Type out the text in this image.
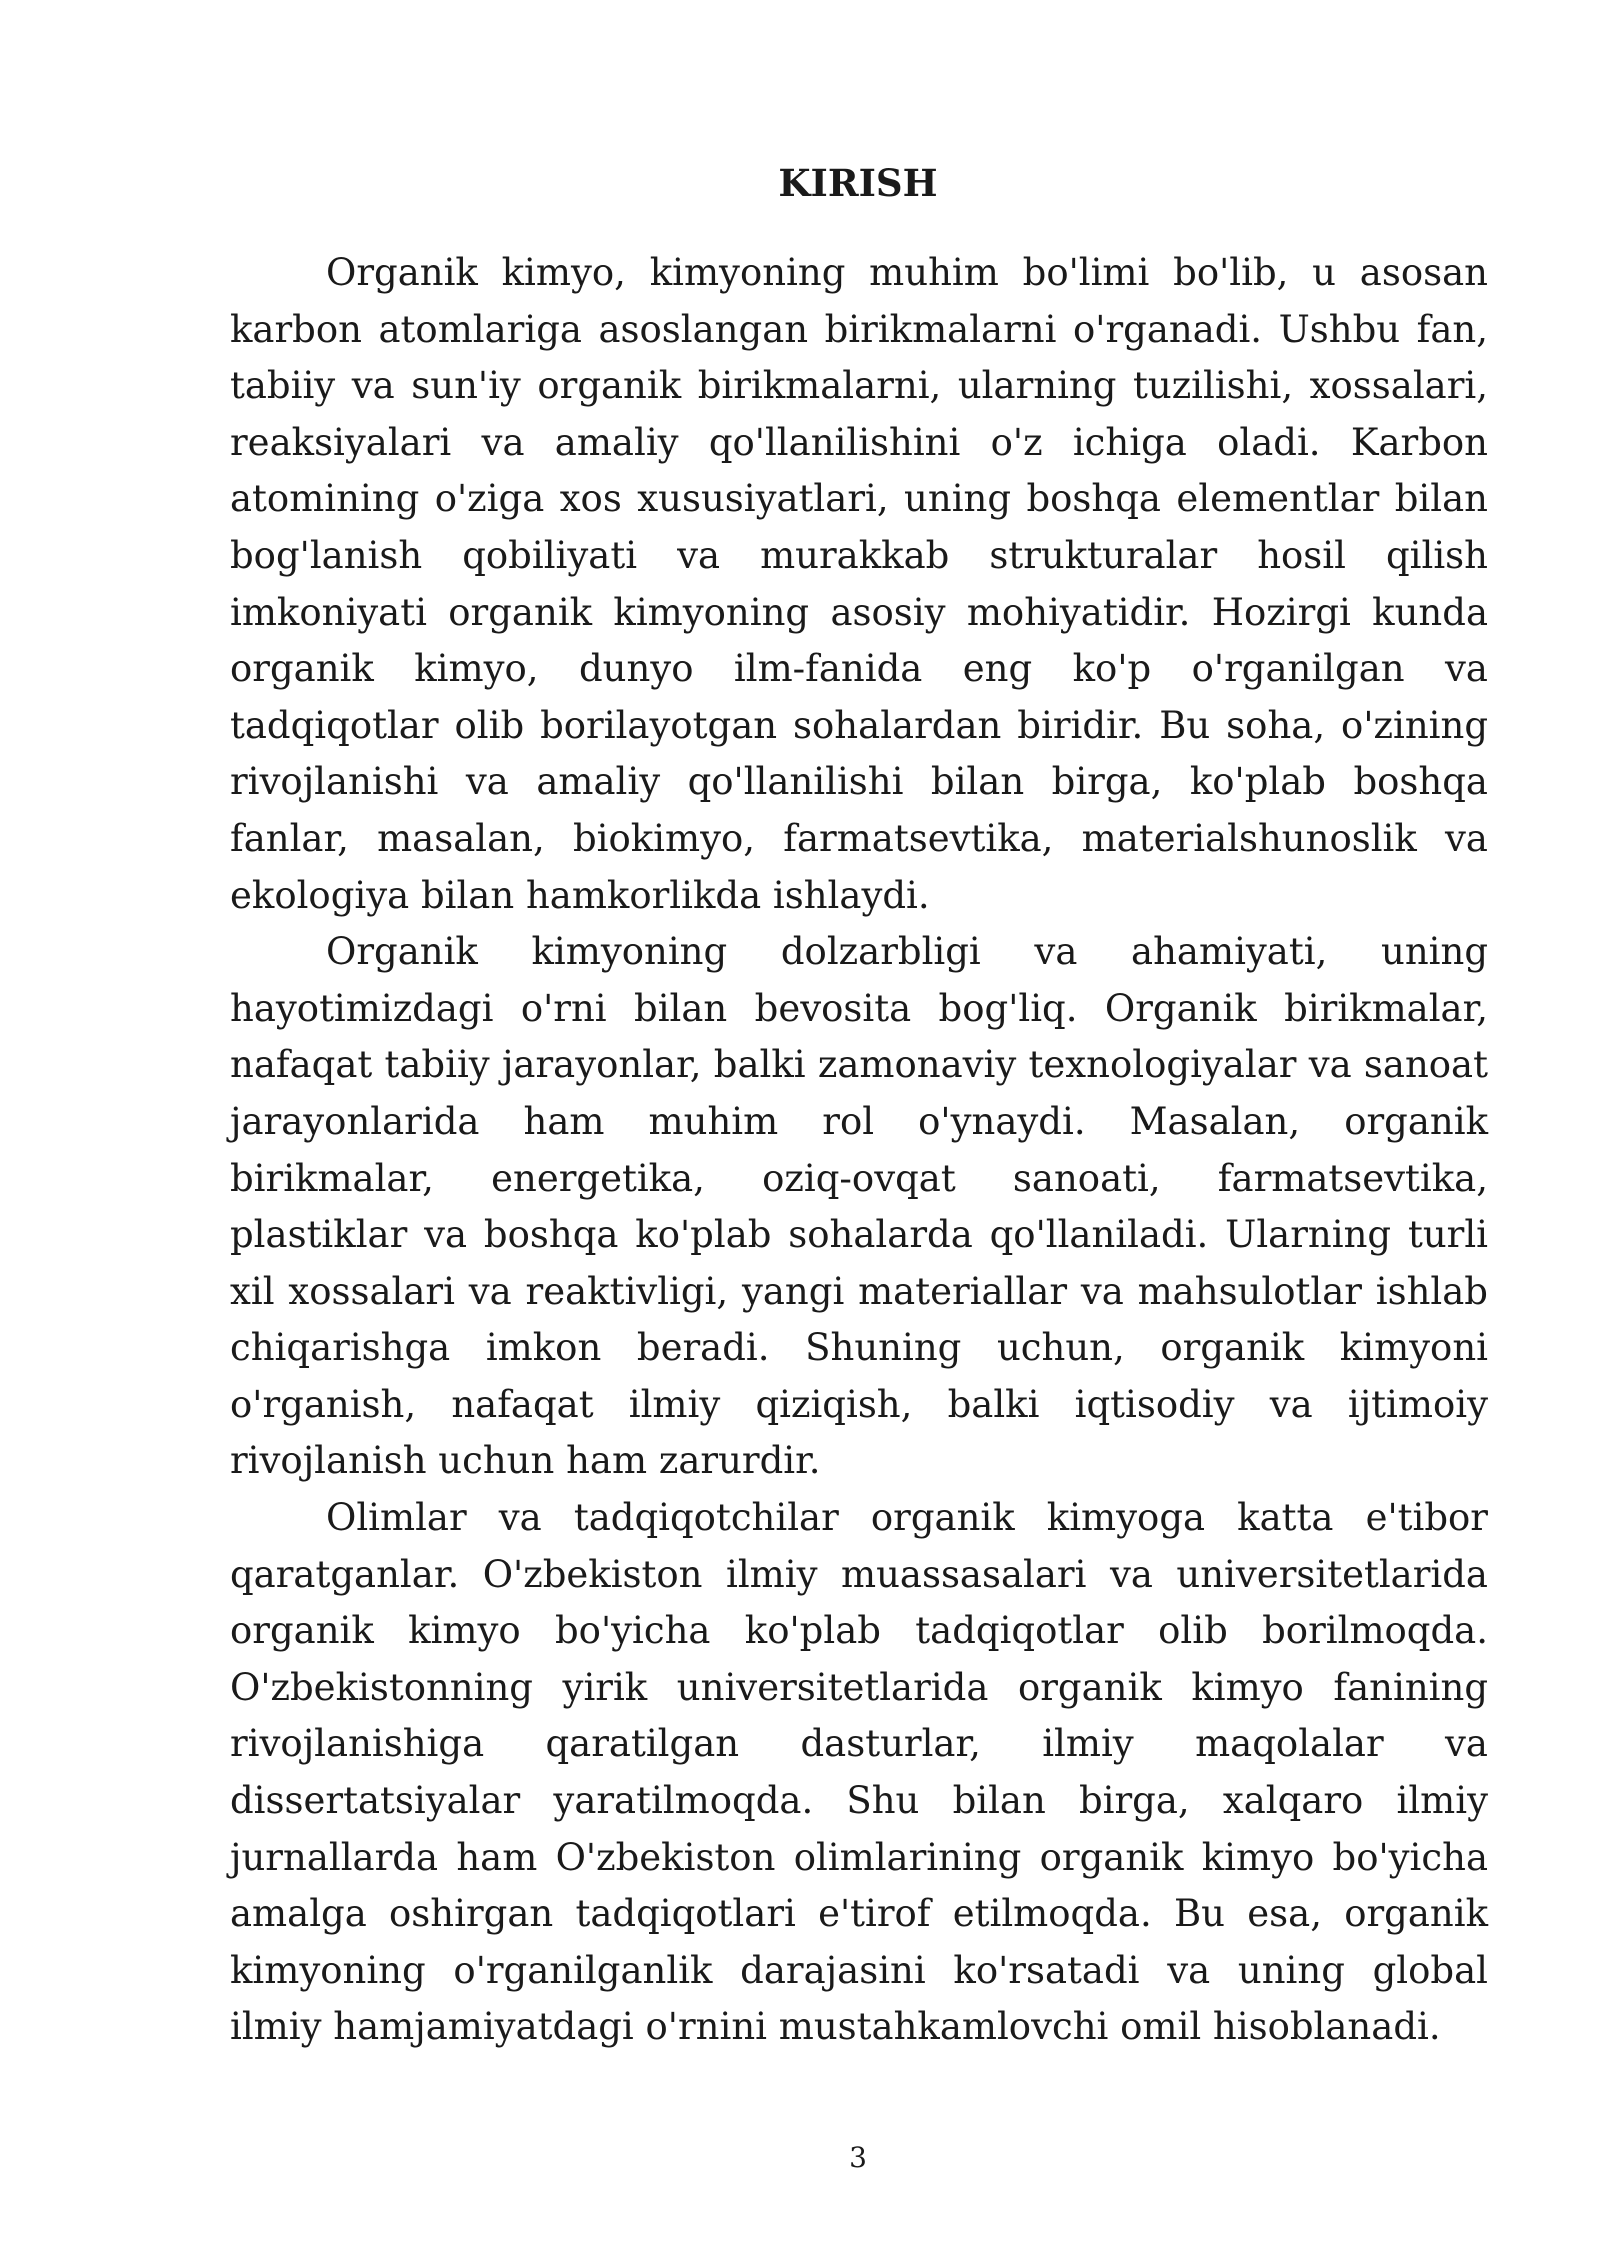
KIRISH

Organik kimyo, kimyoning muhim bo'limi bo'lib, u asosan karbon atomlariga asoslangan birikmalarni o'rganadi. Ushbu fan, tabiiy va sun'iy organik birikmalarni, ularning tuzilishi, xossalari, reaksiyalari va amaliy qo'llanilishini o'z ichiga oladi. Karbon atomining o'ziga xos xususiyatlari, uning boshqa elementlar bilan bog'lanish qobiliyati va murakkab strukturalar hosil qilish imkoniyati organik kimyoning asosiy mohiyatidir. Hozirgi kunda organik kimyo, dunyo ilm-fanida eng ko'p o'rganilgan va tadqiqotlar olib borilayotgan sohalardan biridir. Bu soha, o'zining rivojlanishi va amaliy qo'llanilishi bilan birga, ko'plab boshqa fanlar, masalan, biokimyo, farmatsevtika, materialshunoslik va ekologiya bilan hamkorlikda ishlaydi.

Organik kimyoning dolzarbligi va ahamiyati, uning hayotimizdagi o'rni bilan bevosita bog'liq. Organik birikmalar, nafaqat tabiiy jarayonlar, balki zamonaviy texnologiyalar va sanoat jarayonlarida ham muhim rol o'ynaydi. Masalan, organik birikmalar, energetika, oziq-ovqat sanoati, farmatsevtika, plastiklar va boshqa ko'plab sohalarda qo'llaniladi. Ularning turli xil xossalari va reaktivligi, yangi materiallar va mahsulotlar ishlab chiqarishga imkon beradi. Shuning uchun, organik kimyoni o'rganish, nafaqat ilmiy qiziqish, balki iqtisodiy va ijtimoiy rivojlanish uchun ham zarurdir.

Olimlar va tadqiqotchilar organik kimyoga katta e'tibor qaratganlar. O'zbekiston ilmiy muassasalari va universitetlarida organik kimyo bo'yicha ko'plab tadqiqotlar olib borilmoqda. O'zbekistonning yirik universitetlarida organik kimyo fanining rivojlanishiga qaratilgan dasturlar, ilmiy maqolalar va dissertatsiyalar yaratilmoqda. Shu bilan birga, xalqaro ilmiy jurnallarda ham O'zbekiston olimlarining organik kimyo bo'yicha amalga oshirgan tadqiqotlari e'tirof etilmoqda. Bu esa, organik kimyoning o'rganilganlik darajasini ko'rsatadi va uning global ilmiy hamjamiyatdagi o'rnini mustahkamlovchi omil hisoblanadi.

3
